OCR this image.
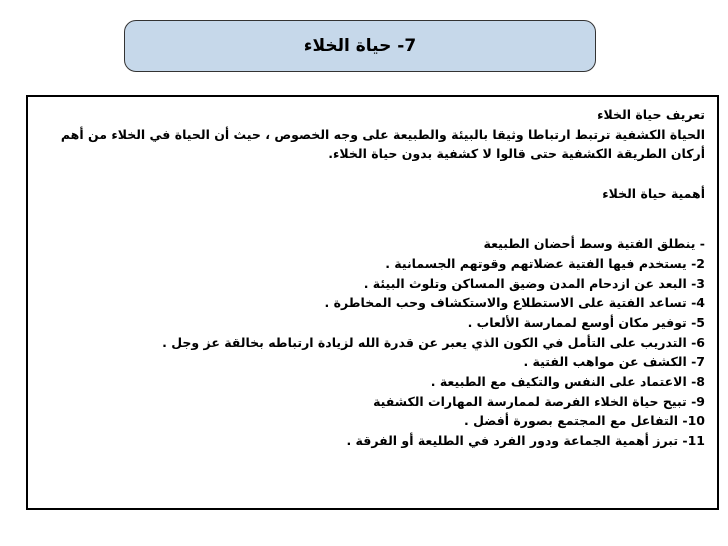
7- حياة الخلاء
تعريف حياة الخلاء
الحياة الكشفية ترتبط ارتباطا وثيقا بالبيئة والطبيعة على وجه الخصوص ، حيث أن الحياة في الخلاء من أهم
أركان الطريقة الكشفية حتى قالوا لا كشفية بدون حياة الخلاء.
أهمية حياة الخلاء
- ينطلق الفتية وسط أحضان الطبيعة
2- يستخدم فيها الفتية عضلاتهم وقوتهم الجسمانية .
3- البعد عن ازدحام المدن وضيق المساكن وتلوث البيئة .
4- تساعد الفتية على الاستطلاع والاستكشاف وحب المخاطرة .
5- توفير مكان أوسع لممارسة الألعاب .
6- التدريب على التأمل في الكون الذي يعبر عن قدرة الله لزيادة ارتباطه بخالقة عز وجل .
7- الكشف عن مواهب الفتية .
8- الاعتماد على النفس والتكيف مع الطبيعة .
9- تبيح حياة الخلاء الفرصة لممارسة المهارات الكشفية
10- التفاعل مع المجتمع بصورة أفضل .
11- تبرز أهمية الجماعة ودور الفرد في الطليعة أو الفرقة .
